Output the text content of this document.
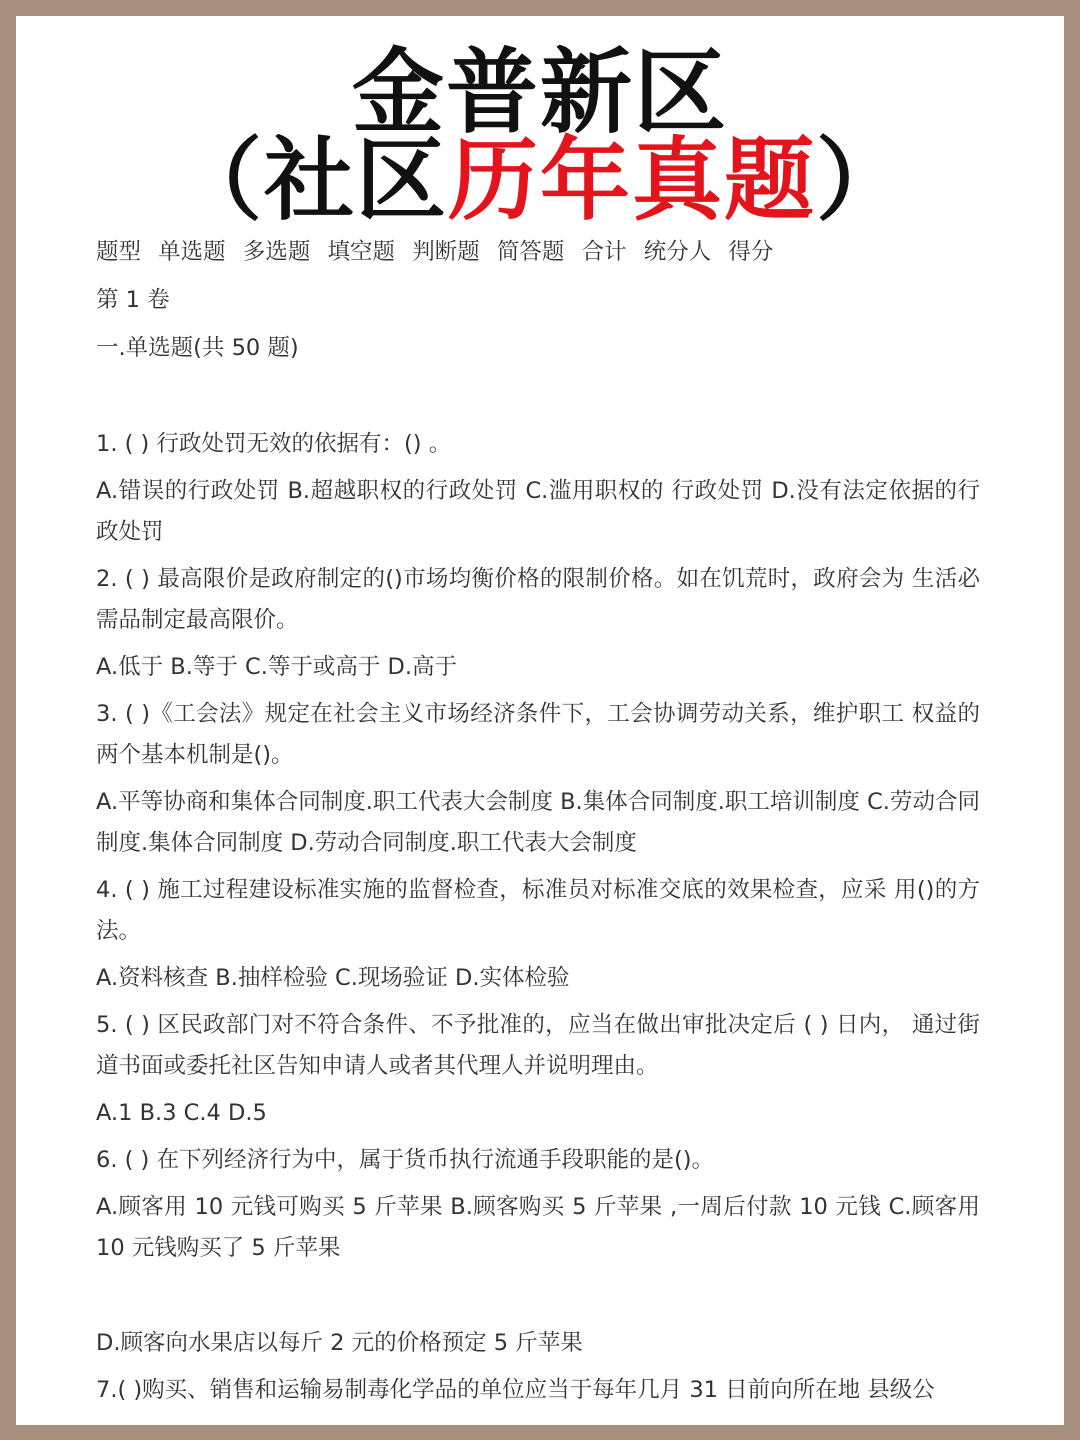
金普新区
（社区历年真题）

题型 单选题 多选题 填空题 判断题 简答题 合计 统分人 得分

第 1 卷

一.单选题(共 50 题)

1. ( ) 行政处罚无效的依据有：() 。

A.错误的行政处罚 B.超越职权的行政处罚 C.滥用职权的 行政处罚 D.没有法定依据的行政处罚

2. ( ) 最高限价是政府制定的()市场均衡价格的限制价格。如在饥荒时，政府会为 生活必需品制定最高限价。

A.低于 B.等于 C.等于或高于 D.高于

3. ( )《工会法》规定在社会主义市场经济条件下，工会协调劳动关系，维护职工 权益的两个基本机制是()。

A.平等协商和集体合同制度.职工代表大会制度 B.集体合同制度.职工培训制度 C.劳动合同制度.集体合同制度 D.劳动合同制度.职工代表大会制度

4. ( ) 施工过程建设标准实施的监督检查，标准员对标准交底的效果检查，应采 用()的方法。

A.资料核查 B.抽样检验 C.现场验证 D.实体检验

5. ( ) 区民政部门对不符合条件、不予批准的，应当在做出审批决定后 ( ) 日内， 通过街道书面或委托社区告知申请人或者其代理人并说明理由。

A.1 B.3 C.4 D.5

6. ( ) 在下列经济行为中，属于货币执行流通手段职能的是()。

A.顾客用 10 元钱可购买 5 斤苹果 B.顾客购买 5 斤苹果 ,一周后付款 10 元钱 C.顾客用 10 元钱购买了 5 斤苹果

D.顾客向水果店以每斤 2 元的价格预定 5 斤苹果

7.( )购买、销售和运输易制毒化学品的单位应当于每年几月 31 日前向所在地 县级公
